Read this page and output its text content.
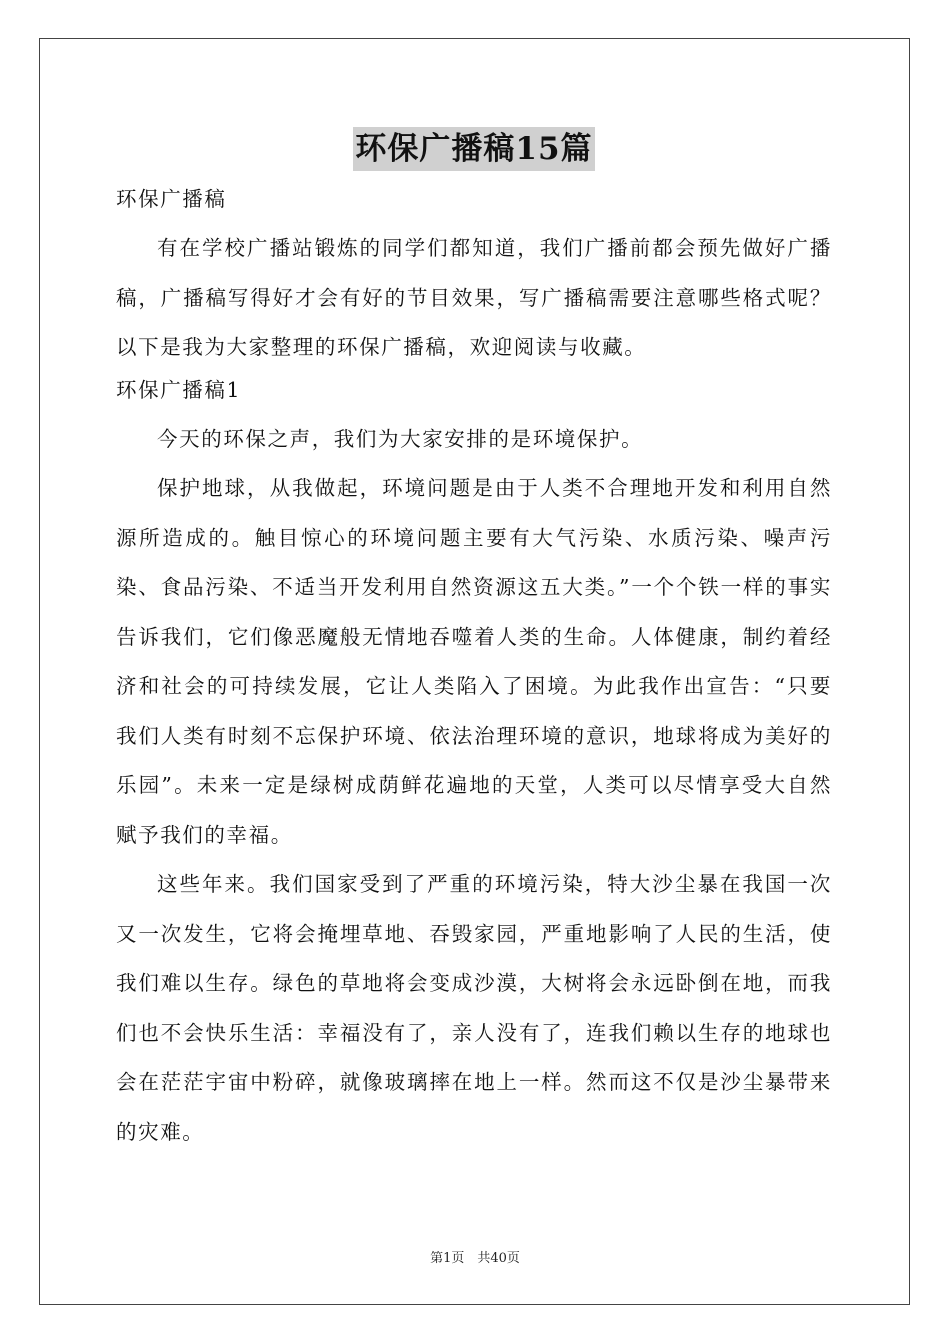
环保广播稿15篇

环保广播稿

有在学校广播站锻炼的同学们都知道，我们广播前都会预先做好广播稿，广播稿写得好才会有好的节目效果，写广播稿需要注意哪些格式呢？以下是我为大家整理的环保广播稿，欢迎阅读与收藏。

环保广播稿1

今天的环保之声，我们为大家安排的是环境保护。

保护地球，从我做起，环境问题是由于人类不合理地开发和利用自然源所造成的。触目惊心的环境问题主要有大气污染、水质污染、噪声污染、食品污染、不适当开发利用自然资源这五大类。”一个个铁一样的事实告诉我们，它们像恶魔般无情地吞噬着人类的生命。人体健康，制约着经济和社会的可持续发展，它让人类陷入了困境。为此我作出宣告：“只要我们人类有时刻不忘保护环境、依法治理环境的意识，地球将成为美好的乐园”。未来一定是绿树成荫鲜花遍地的天堂，人类可以尽情享受大自然赋予我们的幸福。

这些年来。我们国家受到了严重的环境污染，特大沙尘暴在我国一次又一次发生，它将会掩埋草地、吞毁家园，严重地影响了人民的生活，使我们难以生存。绿色的草地将会变成沙漠，大树将会永远卧倒在地，而我们也不会快乐生活：幸福没有了，亲人没有了，连我们赖以生存的地球也会在茫茫宇宙中粉碎，就像玻璃摔在地上一样。然而这不仅是沙尘暴带来的灾难。

第1页　共40页
